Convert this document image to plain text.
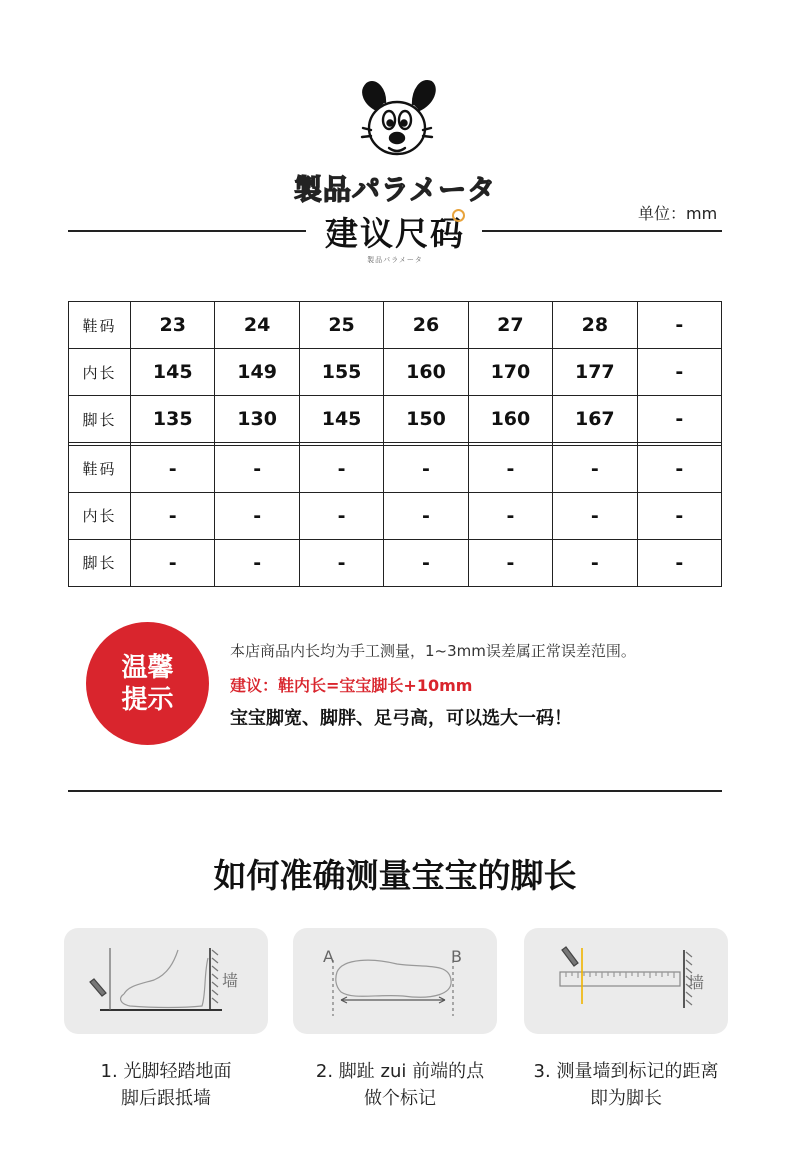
製品パラメータ
建议尺码
製品パラメータ
单位：mm
鞋码	23	24	25	26	27	28	-
内长	145	149	155	160	170	177	-
脚长	135	130	145	150	160	167	-

鞋码	-	-	-	-	-	-	-
内长	-	-	-	-	-	-	-
脚长	-	-	-	-	-	-	-
温馨
提示
本店商品内长均为手工测量，1~3mm误差属正常误差范围。
建议：鞋内长=宝宝脚长+10mm
宝宝脚宽、脚胖、足弓高，可以选大一码！
如何准确测量宝宝的脚长
墙
A	B
墙
1. 光脚轻踏地面
脚后跟抵墙
2. 脚趾 zui 前端的点
做个标记
3. 测量墙到标记的距离
即为脚长
